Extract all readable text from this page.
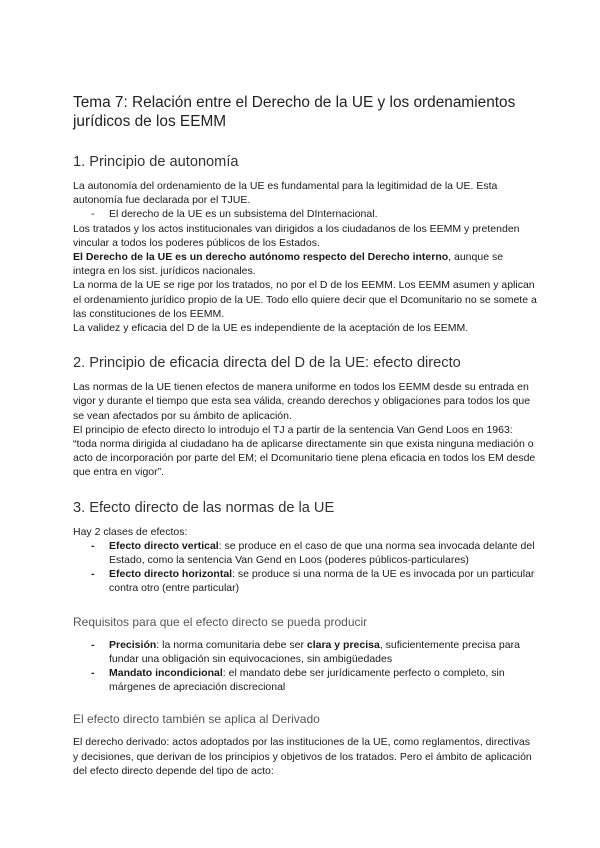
Tema 7: Relación entre el Derecho de la UE y los ordenamientos jurídicos de los EEMM
1. Principio de autonomía

La autonomía del ordenamiento de la UE es fundamental para la legitimidad de la UE. Esta autonomía fue declarada por el TJUE.

- El derecho de la UE es un subsistema del DInternacional.

Los tratados y los actos institucionales van dirigidos a los ciudadanos de los EEMM y pretenden vincular a todos los poderes públicos de los Estados.

El Derecho de la UE es un derecho autónomo respecto del Derecho interno, aunque se integra en los sist. jurídicos nacionales.

La norma de la UE se rige por los tratados, no por el D de los EEMM. Los EEMM asumen y aplican el ordenamiento jurídico propio de la UE. Todo ello quiere decir que el Dcomunitario no se somete a las constituciones de los EEMM.

La validez y eficacia del D de la UE es independiente de la aceptación de los EEMM.

2. Principio de eficacia directa del D de la UE: efecto directo

Las normas de la UE tienen efectos de manera uniforme en todos los EEMM desde su entrada en vigor y durante el tiempo que esta sea válida, creando derechos y obligaciones para todos los que se vean afectados por su ámbito de aplicación.

El principio de efecto directo lo introdujo el TJ a partir de la sentencia Van Gend Loos en 1963: “toda norma dirigida al ciudadano ha de aplicarse directamente sin que exista ninguna mediación o acto de incorporación por parte del EM; el Dcomunitario tiene plena eficacia en todos los EM desde que entra en vigor”.

3. Efecto directo de las normas de la UE

Hay 2 clases de efectos:

- Efecto directo vertical: se produce en el caso de que una norma sea invocada delante del Estado, como la sentencia Van Gend en Loos (poderes públicos-particulares)
- Efecto directo horizontal: se produce si una norma de la UE es invocada por un particular contra otro (entre particular)
Requisitos para que el efecto directo se pueda producir
- Precisión: la norma comunitaria debe ser clara y precisa, suficientemente precisa para fundar una obligación sin equivocaciones, sin ambigüedades
- Mandato incondicional: el mandato debe ser jurídicamente perfecto o completo, sin márgenes de apreciación discrecional
El efecto directo también se aplica al Derivado

El derecho derivado: actos adoptados por las instituciones de la UE, como reglamentos, directivas y decisiones, que derivan de los principios y objetivos de los tratados. Pero el ámbito de aplicación del efecto directo depende del tipo de acto:
